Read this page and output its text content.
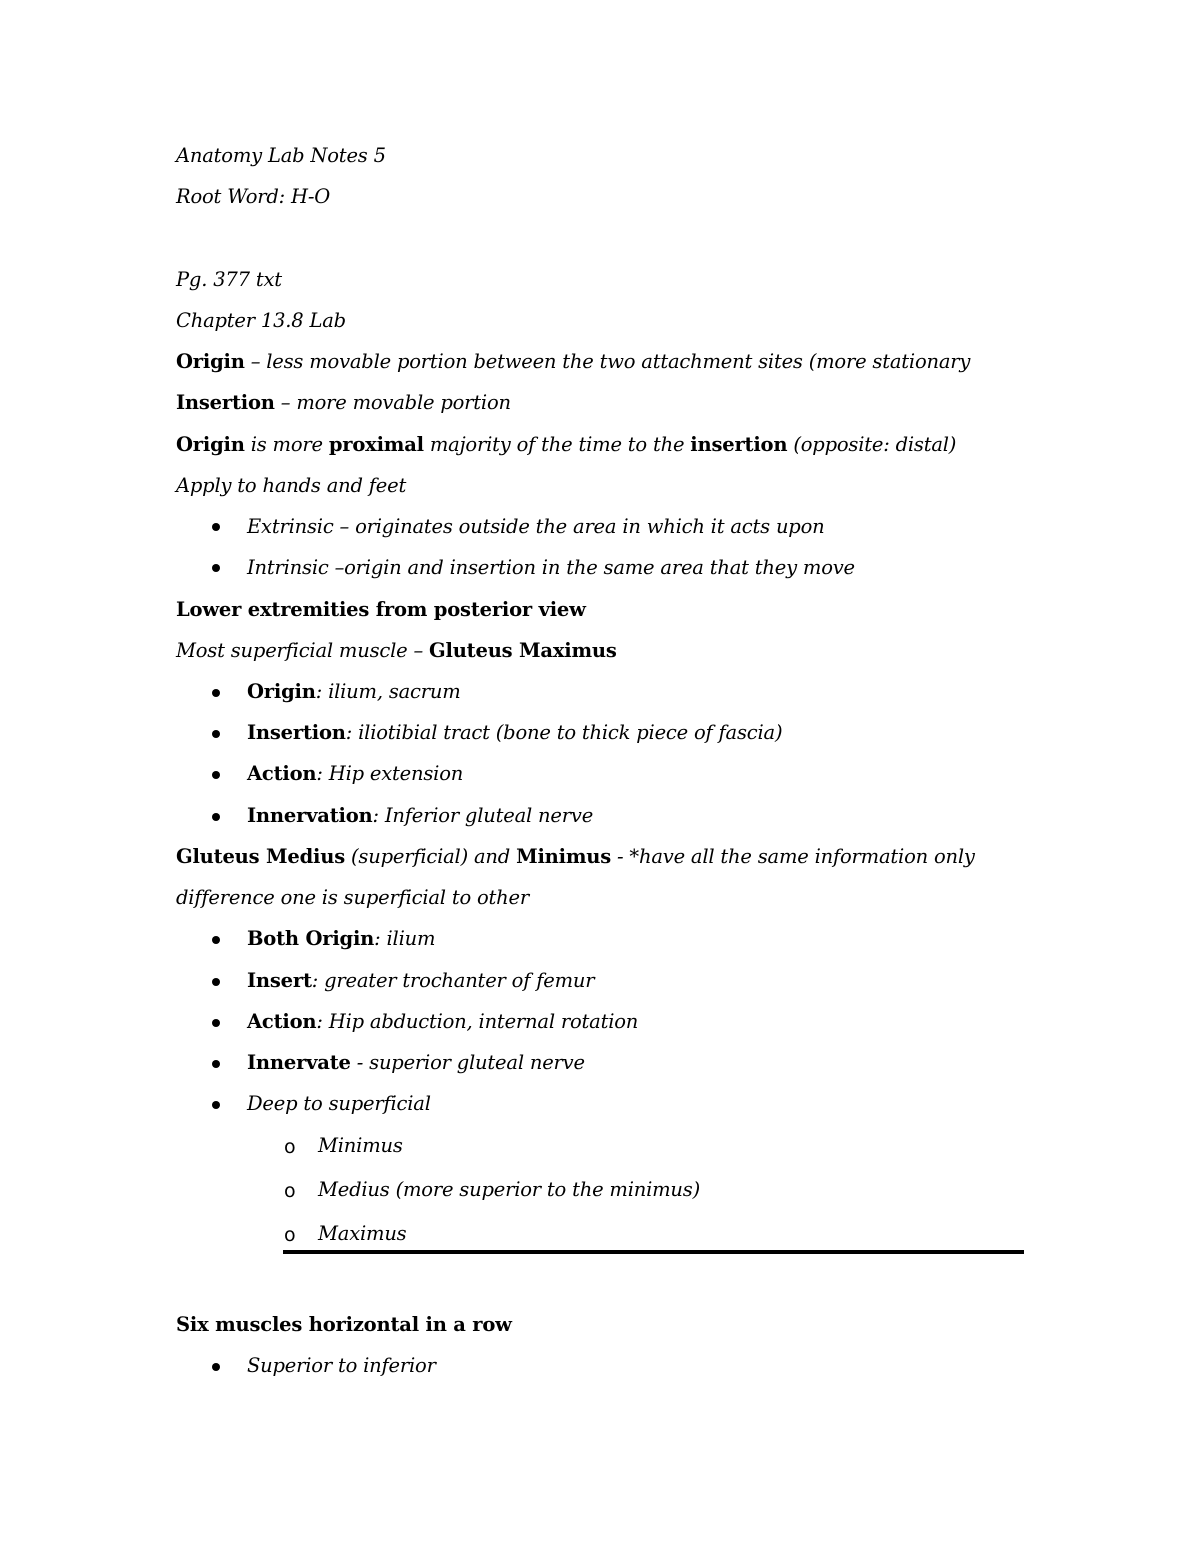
Anatomy Lab Notes 5
Root Word: H-O
Pg. 377 txt
Chapter 13.8 Lab
Origin – less movable portion between the two attachment sites (more stationary
Insertion – more movable portion
Origin is more proximal majority of the time to the insertion (opposite: distal)
Apply to hands and feet
Extrinsic – originates outside the area in which it acts upon
Intrinsic –origin and insertion in the same area that they move
Lower extremities from posterior view
Most superficial muscle – Gluteus Maximus
Origin: ilium, sacrum
Insertion: iliotibial tract (bone to thick piece of fascia)
Action: Hip extension
Innervation: Inferior gluteal nerve
Gluteus Medius (superficial) and Minimus - *have all the same information only
difference one is superficial to other
Both Origin: ilium
Insert: greater trochanter of femur
Action: Hip abduction, internal rotation
Innervate - superior gluteal nerve
Deep to superficial
o Minimus
o Medius (more superior to the minimus)
o Maximus
Six muscles horizontal in a row
Superior to inferior
